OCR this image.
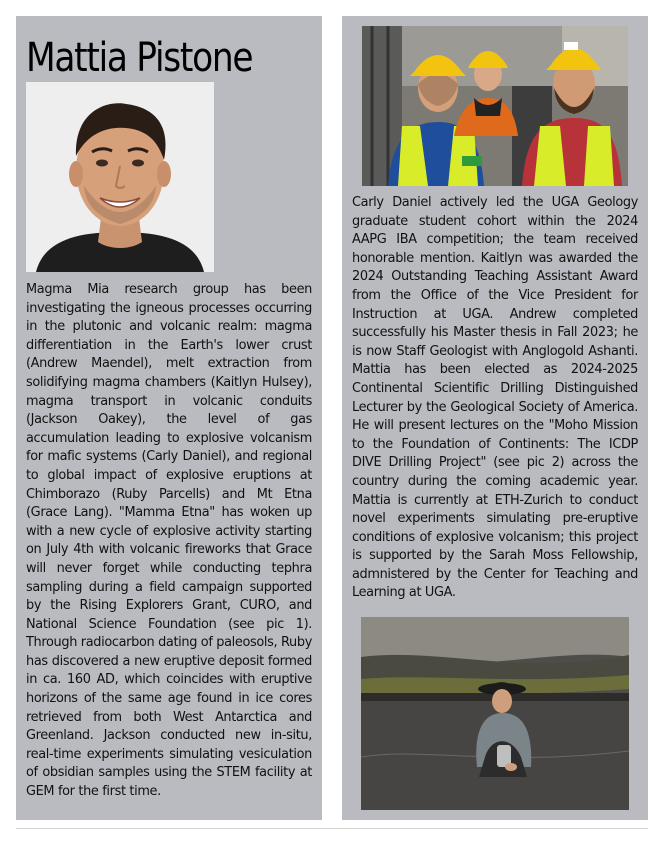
Mattia Pistone

Magma Mia research group has been investigating the igneous processes occurring in the plutonic and volcanic realm: magma differentiation in the Earth's lower crust (Andrew Maendel), melt extraction from solidifying magma chambers (Kaitlyn Hulsey), magma transport in volcanic conduits (Jackson Oakey), the level of gas accumulation leading to explosive volcanism for mafic systems (Carly Daniel), and regional to global impact of explosive eruptions at Chimborazo (Ruby Parcells) and Mt Etna (Grace Lang). "Mamma Etna" has woken up with a new cycle of explosive activity starting on July 4th with volcanic fireworks that Grace will never forget while conducting tephra sampling during a field campaign supported by the Rising Explorers Grant, CURO, and National Science Foundation (see pic 1). Through radiocarbon dating of paleosols, Ruby has discovered a new eruptive deposit formed in ca. 160 AD, which coincides with eruptive horizons of the same age found in ice cores retrieved from both West Antarctica and Greenland. Jackson conducted new in-situ, real-time experiments simulating vesiculation of obsidian samples using the STEM facility at GEM for the first time.

Carly Daniel actively led the UGA Geology graduate student cohort within the 2024 AAPG IBA competition; the team received honorable mention. Kaitlyn was awarded the 2024 Outstanding Teaching Assistant Award from the Office of the Vice President for Instruction at UGA. Andrew completed successfully his Master thesis in Fall 2023; he is now Staff Geologist with Anglogold Ashanti. Mattia has been elected as 2024-2025 Continental Scientific Drilling Distinguished Lecturer by the Geological Society of America. He will present lectures on the "Moho Mission to the Foundation of Continents: The ICDP DIVE Drilling Project" (see pic 2) across the country during the coming academic year. Mattia is currently at ETH-Zurich to conduct novel experiments simulating pre-eruptive conditions of explosive volcanism; this project is supported by the Sarah Moss Fellowship, admnistered by the Center for Teaching and Learning at UGA.
